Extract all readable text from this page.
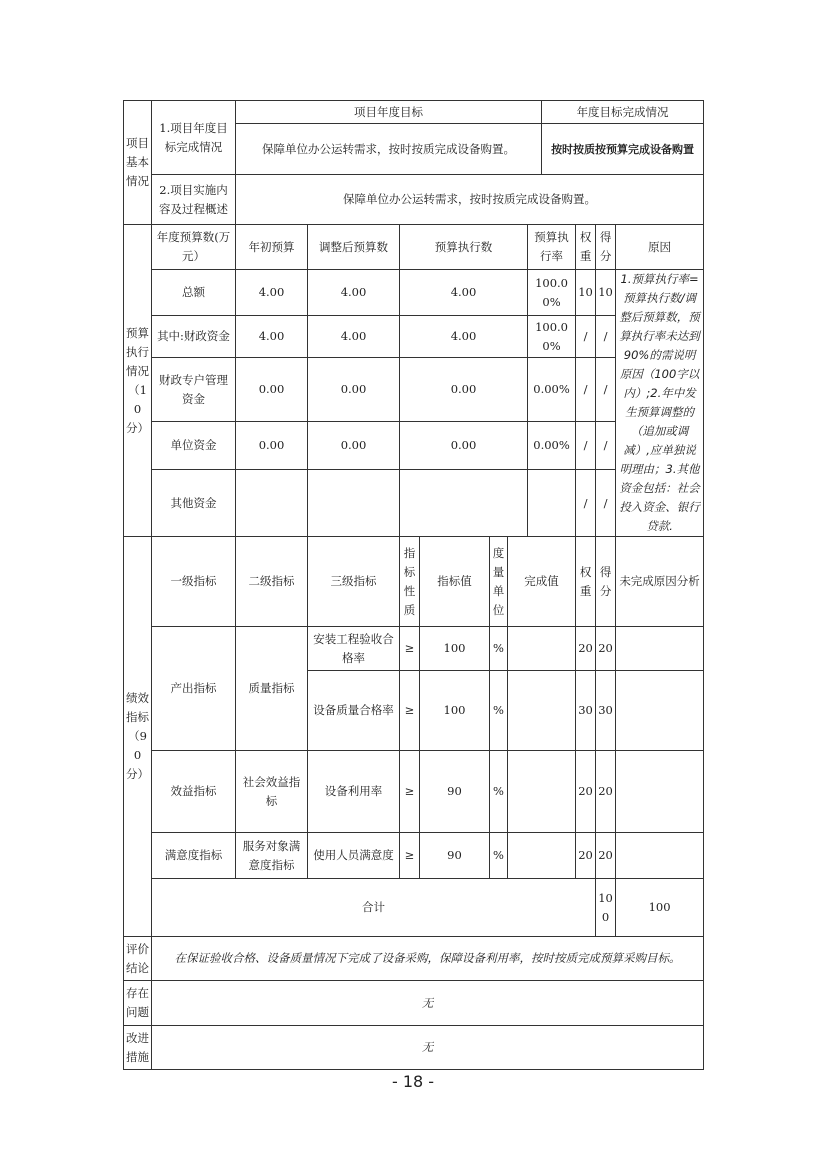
项目基本情况	1.项目年度目标完成情况	项目年度目标							年度目标完成情况				
		保障单位办公运转需求，按时按质完成设备购置。							按时按质按预算完成设备购置				
	2.项目实施内容及过程概述	保障单位办公运转需求，按时按质完成设备购置。											
预算执行情况（10分）	年度预算数(万元）	年初预算	调整后预算数	预算执行数				预算执行率		权重	得分	原因	
	总额	4.00	4.00	4.00				100.00%		10	10	1.预算执行率=预算执行数/调整后预算数，预算执行率未达到90%的需说明原因（100字以内）;2.年中发生预算调整的（追加或调减）,应单独说明理由；3.其他资金包括：社会投入资金、银行贷款.	
	其中:财政资金	4.00	4.00	4.00				100.00%		/	/		
	财政专户管理资金	0.00	0.00	0.00				0.00%		/	/		
	单位资金	0.00	0.00	0.00				0.00%		/	/		
	其他资金									/	/		
绩效指标（90分）	一级指标	二级指标	三级指标	指标性质	指标值	度量单位	完成值			权重	得分	未完成原因分析	
	产出指标	质量指标	安装工程验收合格率	≥	100	%				20	20		
			设备质量合格率	≥	100	%				30	30		
	效益指标	社会效益指标	设备利用率	≥	90	%				20	20		
	满意度指标	服务对象满意度指标	使用人员满意度	≥	90	%				20	20		
	合计										100	100	
评价结论	在保证验收合格、设备质量情况下完成了设备采购，保障设备利用率，按时按质完成预算采购目标。												
存在问题	无												
改进措施	无												
- 18 -
